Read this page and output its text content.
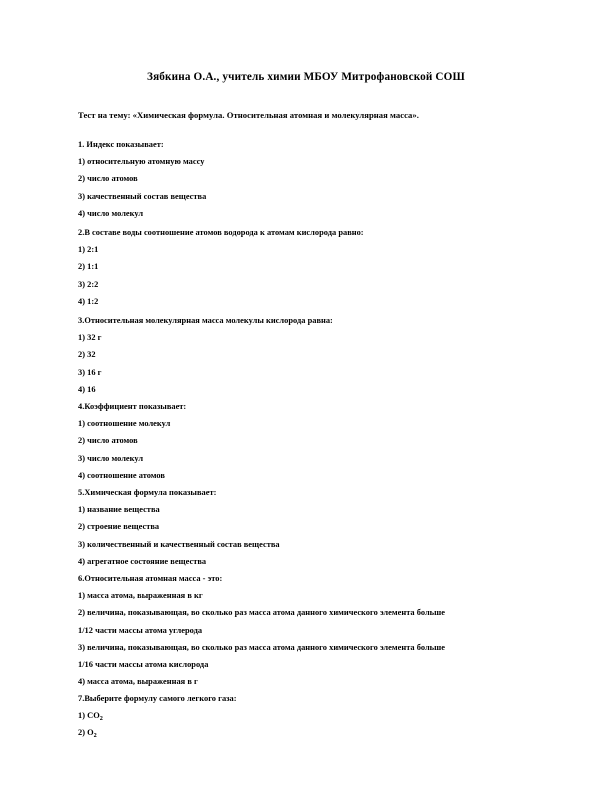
Зябкина О.А., учитель химии МБОУ Митрофановской СОШ
Тест на тему: «Химическая формула. Относительная атомная и молекулярная масса».
1. Индекс показывает:
1) относительную атомную массу
2) число атомов
3) качественный состав вещества
4) число молекул
2.В составе воды соотношение атомов водорода к атомам кислорода равно:
1) 2:1
2) 1:1
3) 2:2
4) 1:2
3.Относительная молекулярная масса молекулы кислорода равна:
1) 32 г
2) 32
3) 16 г
4) 16
4.Коэффициент показывает:
1) соотношение молекул
2) число атомов
3) число молекул
4) соотношение атомов
5.Химическая формула показывает:
1) название вещества
2) строение вещества
3) количественный и качественный состав вещества
4) агрегатное состояние вещества
6.Относительная атомная масса - это:
1) масса атома, выраженная в кг
2) величина, показывающая, во сколько раз масса атома данного химического элемента больше
1/12 части массы атома углерода
3) величина, показывающая, во сколько раз масса атома данного химического элемента больше
1/16 части массы атома кислорода
4) масса атома, выраженная в г
7.Выберите формулу самого легкого газа:
1) $CO_2$
2) $O_2$
